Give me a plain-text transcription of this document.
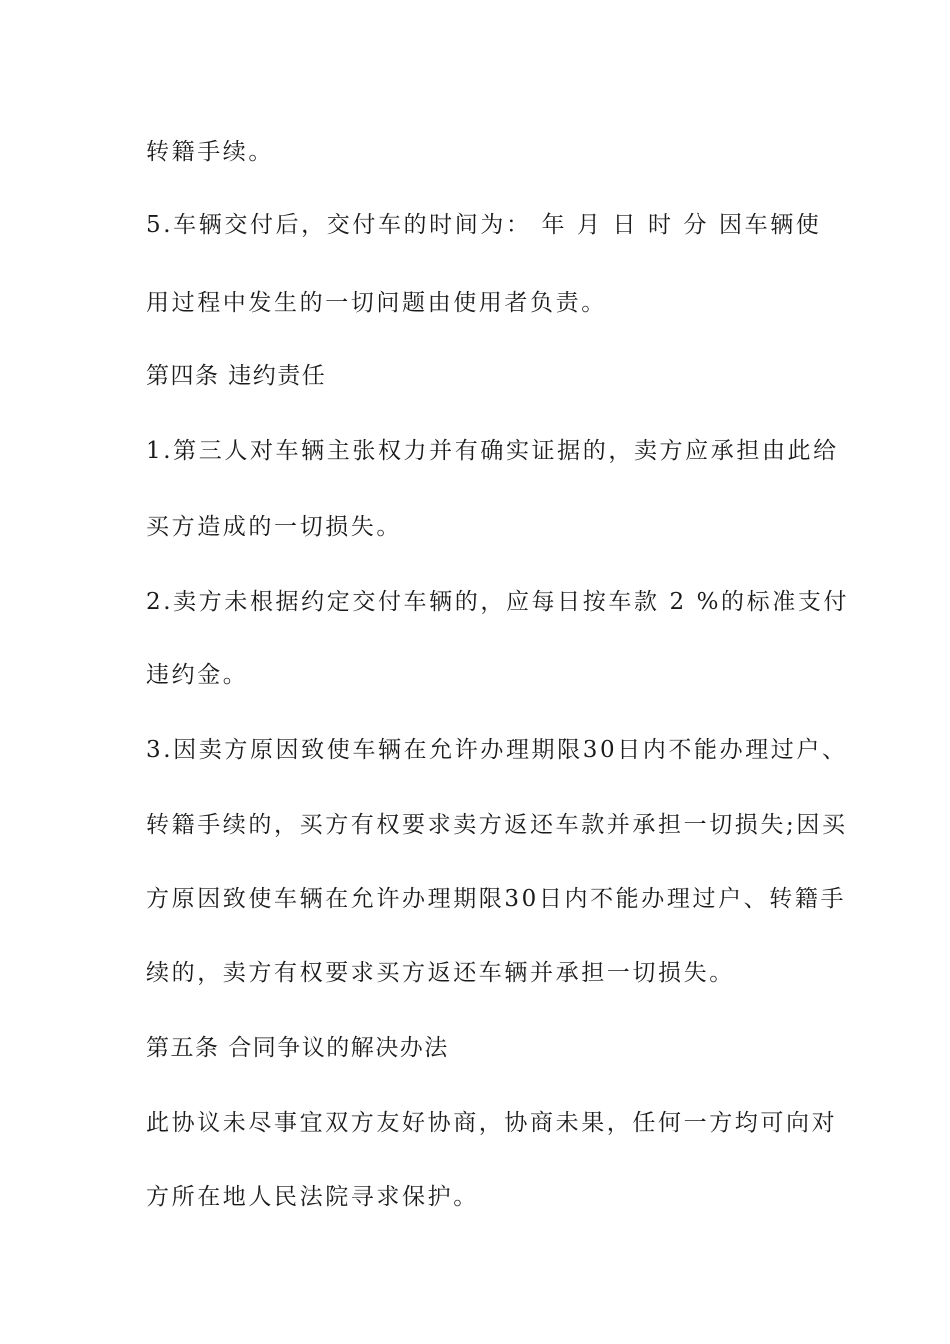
转籍手续。
5.车辆交付后，交付车的时间为： 年 月 日 时 分 因车辆使
用过程中发生的一切问题由使用者负责。
第四条 违约责任
1.第三人对车辆主张权力并有确实证据的，卖方应承担由此给
买方造成的一切损失。
2.卖方未根据约定交付车辆的，应每日按车款 2 %的标准支付
违约金。
3.因卖方原因致使车辆在允许办理期限30日内不能办理过户、
转籍手续的，买方有权要求卖方返还车款并承担一切损失;因买
方原因致使车辆在允许办理期限30日内不能办理过户、转籍手
续的，卖方有权要求买方返还车辆并承担一切损失。
第五条 合同争议的解决办法
此协议未尽事宜双方友好协商，协商未果，任何一方均可向对
方所在地人民法院寻求保护。
